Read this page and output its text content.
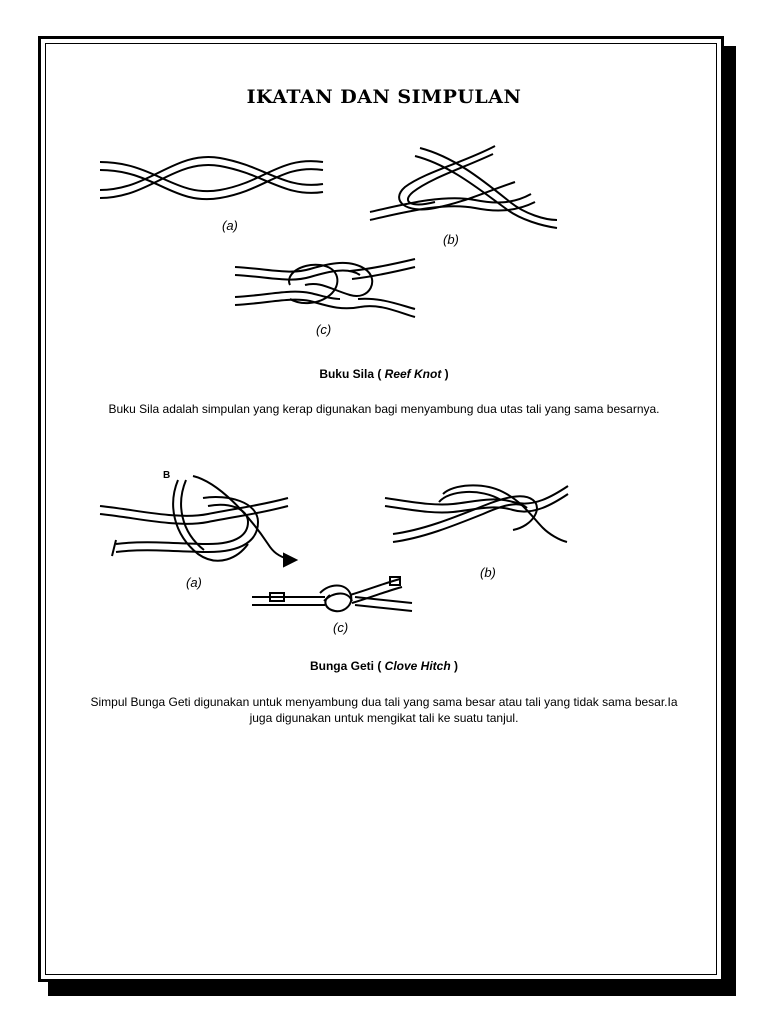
IKATAN DAN SIMPULAN
(a)
(b)
(c)
Buku Sila ( Reef Knot )
Buku Sila adalah simpulan yang kerap digunakan bagi menyambung dua utas tali yang sama besarnya.
B
(a)
(b)
(c)
Bunga Geti ( Clove Hitch )
Simpul Bunga Geti digunakan untuk menyambung dua tali yang sama besar atau tali yang tidak sama besar.Ia juga digunakan untuk mengikat tali ke suatu tanjul.
